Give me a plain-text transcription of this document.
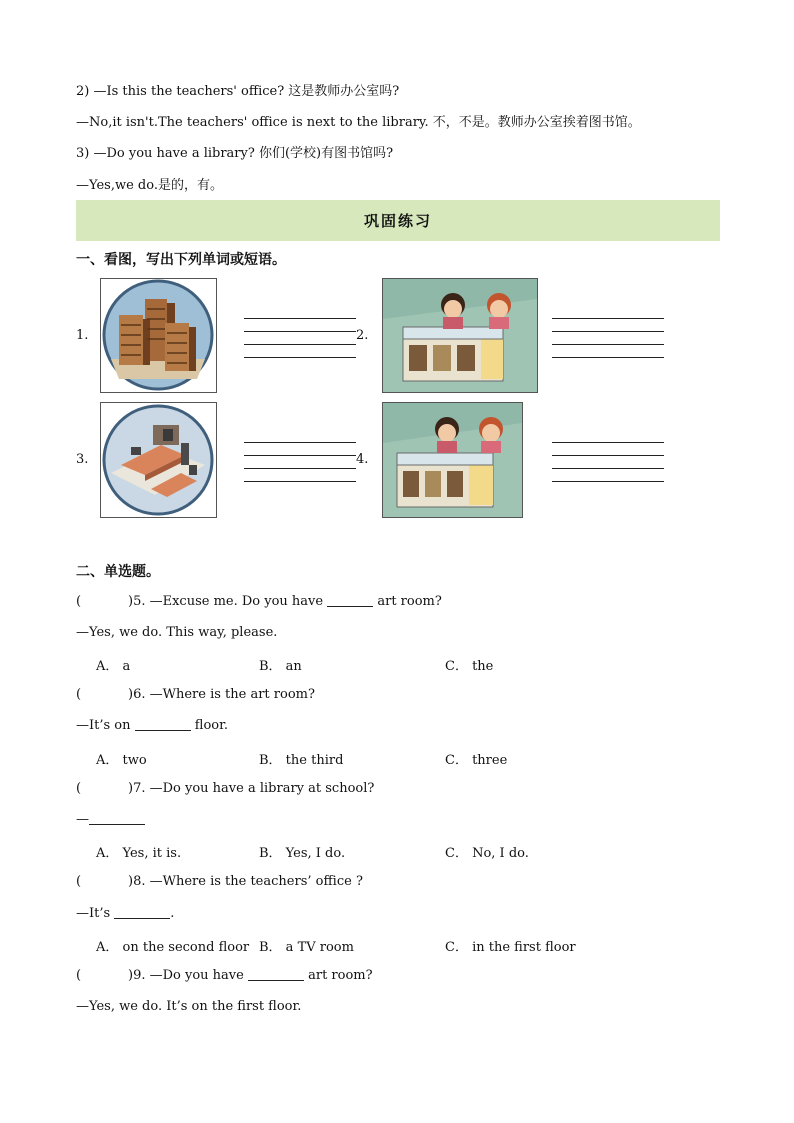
2) —Is this the teachers' office? 这是教师办公室吗?
—No,it isn't.The teachers' office is next to the library. 不，不是。教师办公室挨着图书馆。
3) —Do you have a library? 你们(学校)有图书馆吗?
—Yes,we do.是的，有。
巩固练习
一、看图，写出下列单词或短语。
1.	2.
3.	4.
二、单选题。
(	)5. —Excuse me. Do you have	art room?
—Yes, we do. This way, please.
A． a	B． an	C． the
(	)6. —Where is the art room?
—It’s on	floor.
A． two	B． the third	C． three
(	)7. —Do you have a library at school?
—
A． Yes, it is.	B． Yes, I do.	C． No, I do.
(	)8. —Where is the teachers’ office ?
—It’s	.
A． on the second floor B． a TV room	C． in the first floor
(	)9. —Do you have	art room?
—Yes, we do. It’s on the first floor.
